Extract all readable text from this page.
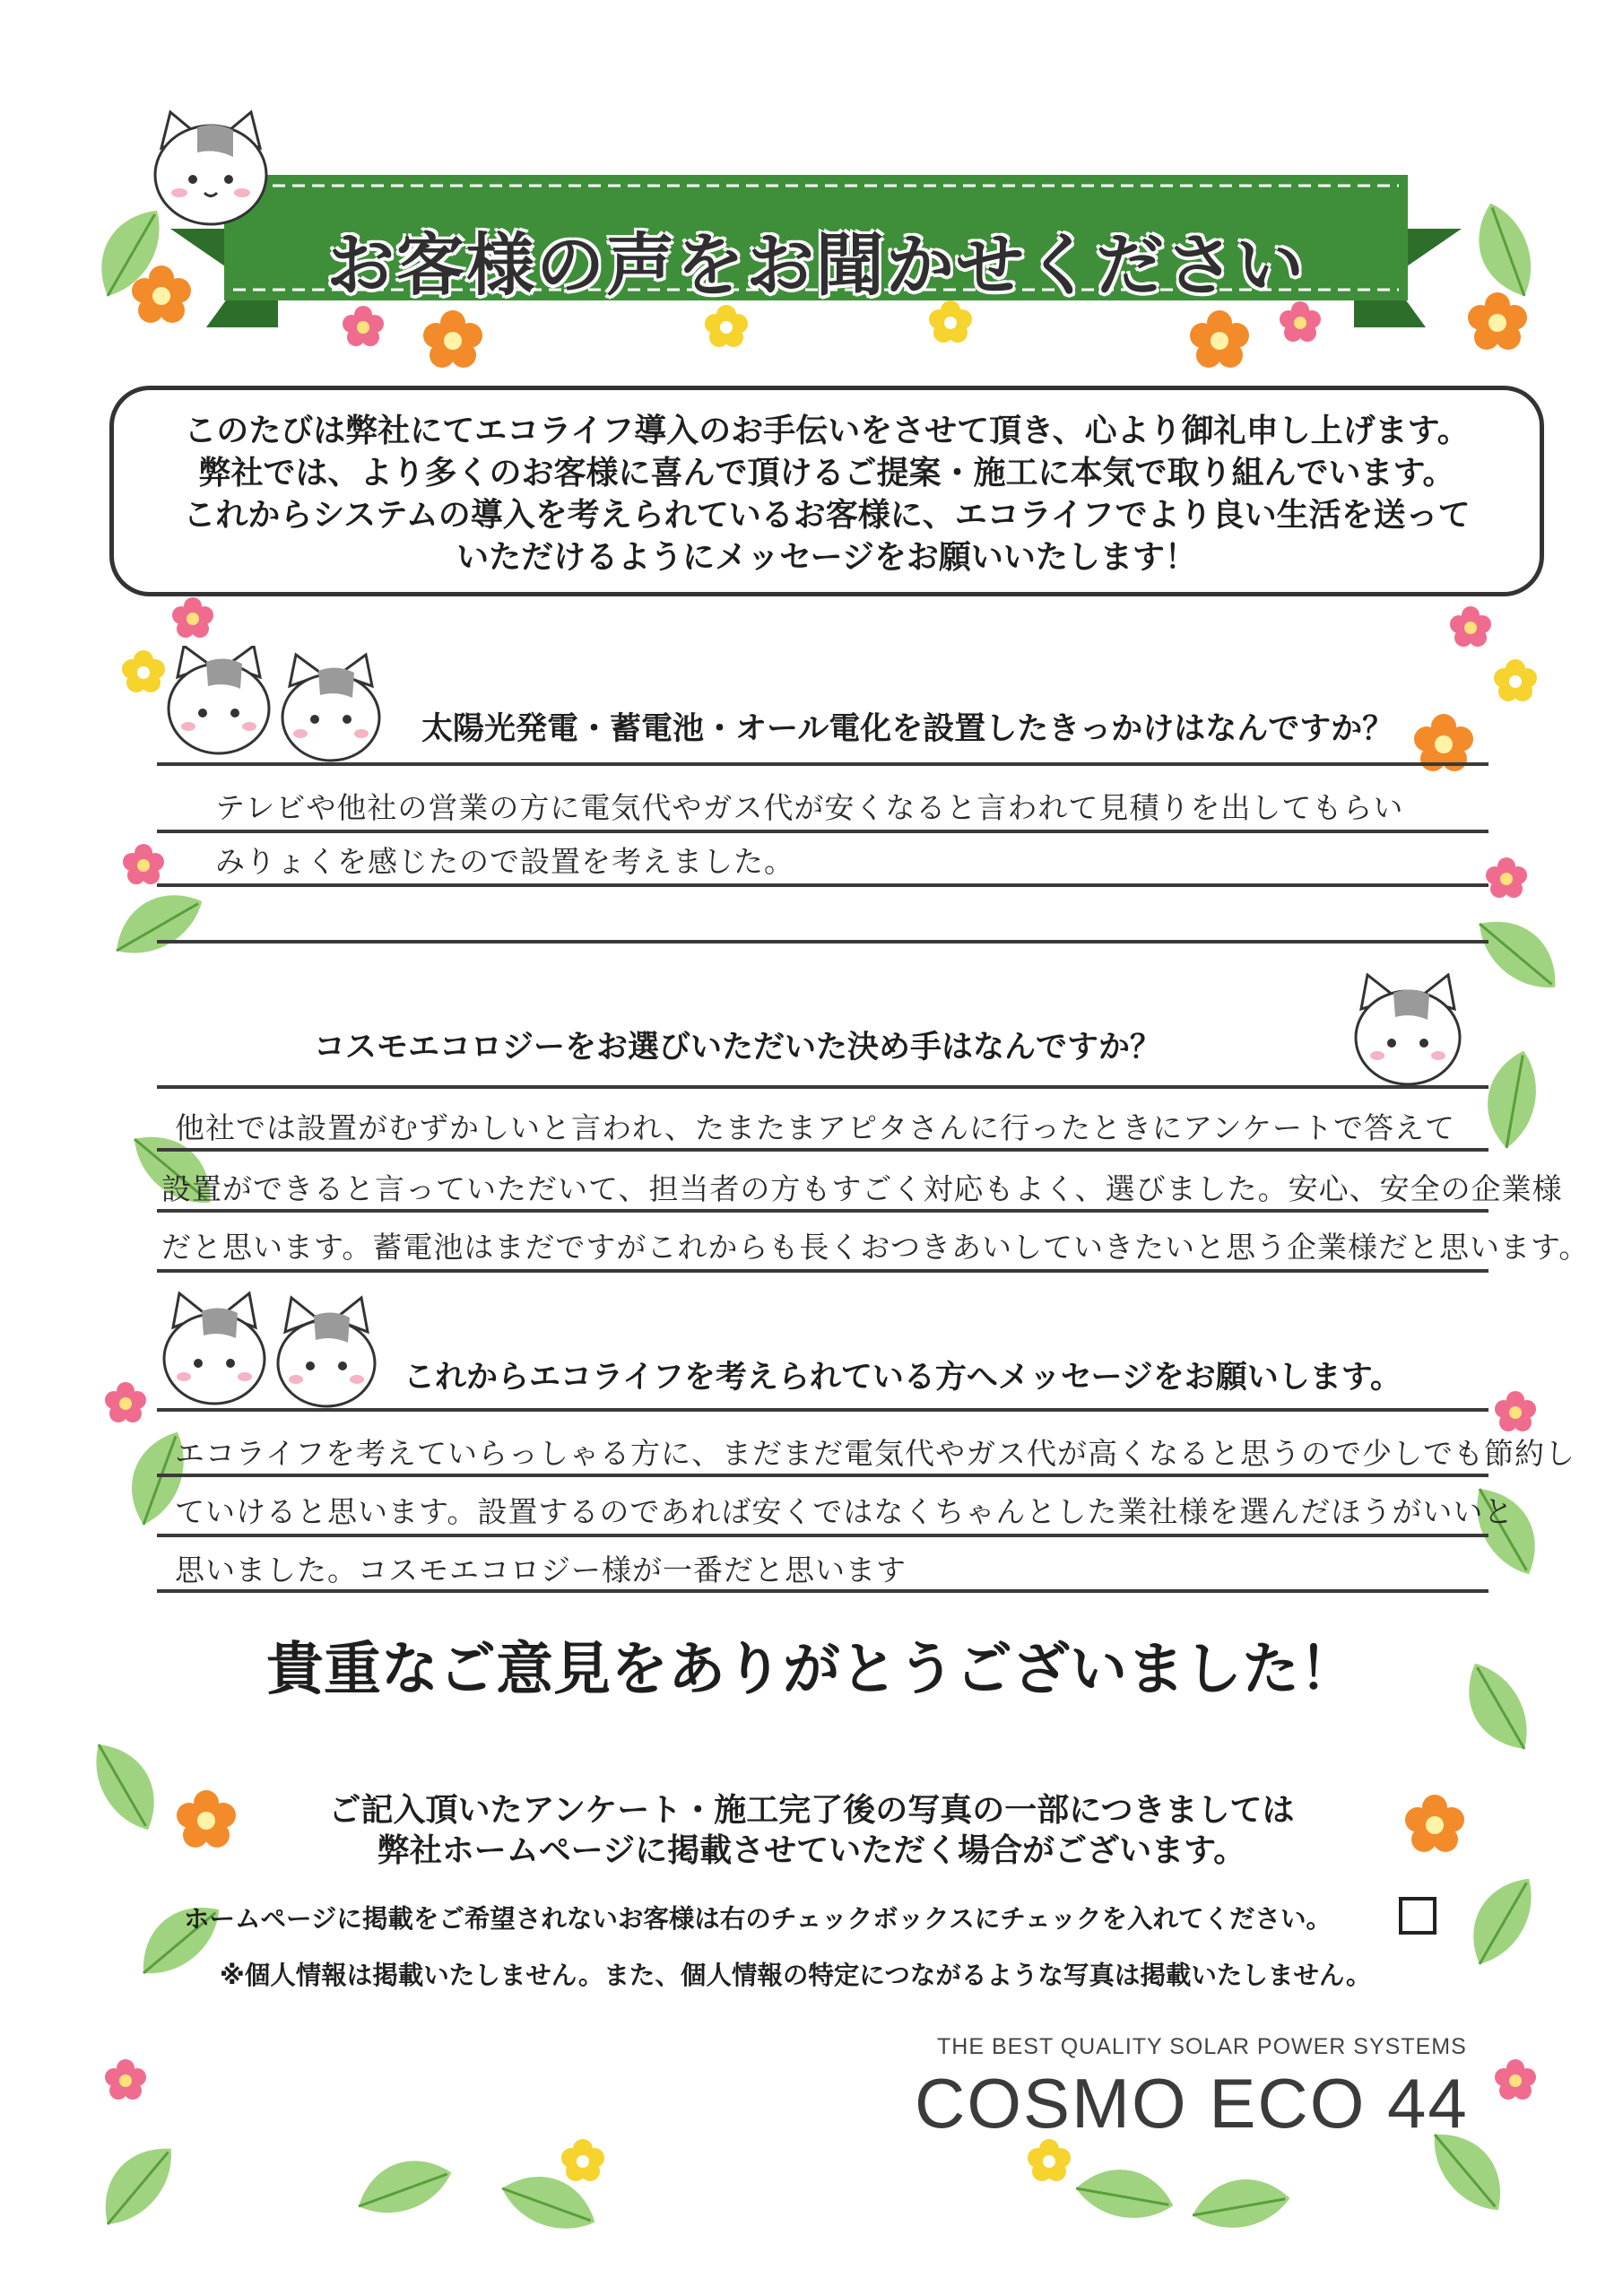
お客様の声をお聞かせください

このたびは弊社にてエコライフ導入のお手伝いをさせて頂き、心より御礼申し上げます。

弊社では、より多くのお客様に喜んで頂けるご提案・施工に本気で取り組んでいます。

これからシステムの導入を考えられているお客様に、エコライフでより良い生活を送って

いただけるようにメッセージをお願いいたします！

太陽光発電・蓄電池・オール電化を設置したきっかけはなんですか？
テレビや他社の営業の方に電気代やガス代が安くなると言われて見積りを出してもらい
みりょくを感じたので設置を考えました。
コスモエコロジーをお選びいただいた決め手はなんですか？
他社では設置がむずかしいと言われ、たまたまアピタさんに行ったときにアンケートで答えて
設置ができると言っていただいて、担当者の方もすごく対応もよく、選びました。安心、安全の企業様
だと思います。蓄電池はまだですがこれからも長くおつきあいしていきたいと思う企業様だと思います。
これからエコライフを考えられている方へメッセージをお願いします。
エコライフを考えていらっしゃる方に、まだまだ電気代やガス代が高くなると思うので少しでも節約し
ていけると思います。設置するのであれば安くではなくちゃんとした業社様を選んだほうがいいと
思いました。コスモエコロジー様が一番だと思います
貴重なご意見をありがとうございました！
ご記入頂いたアンケート・施工完了後の写真の一部につきましては
弊社ホームページに掲載させていただく場合がございます。
ホームページに掲載をご希望されないお客様は右のチェックボックスにチェックを入れてください。
※個人情報は掲載いたしません。また、個人情報の特定につながるような写真は掲載いたしません。
THE BEST QUALITY SOLAR POWER SYSTEMS
COSMO ECO 44
